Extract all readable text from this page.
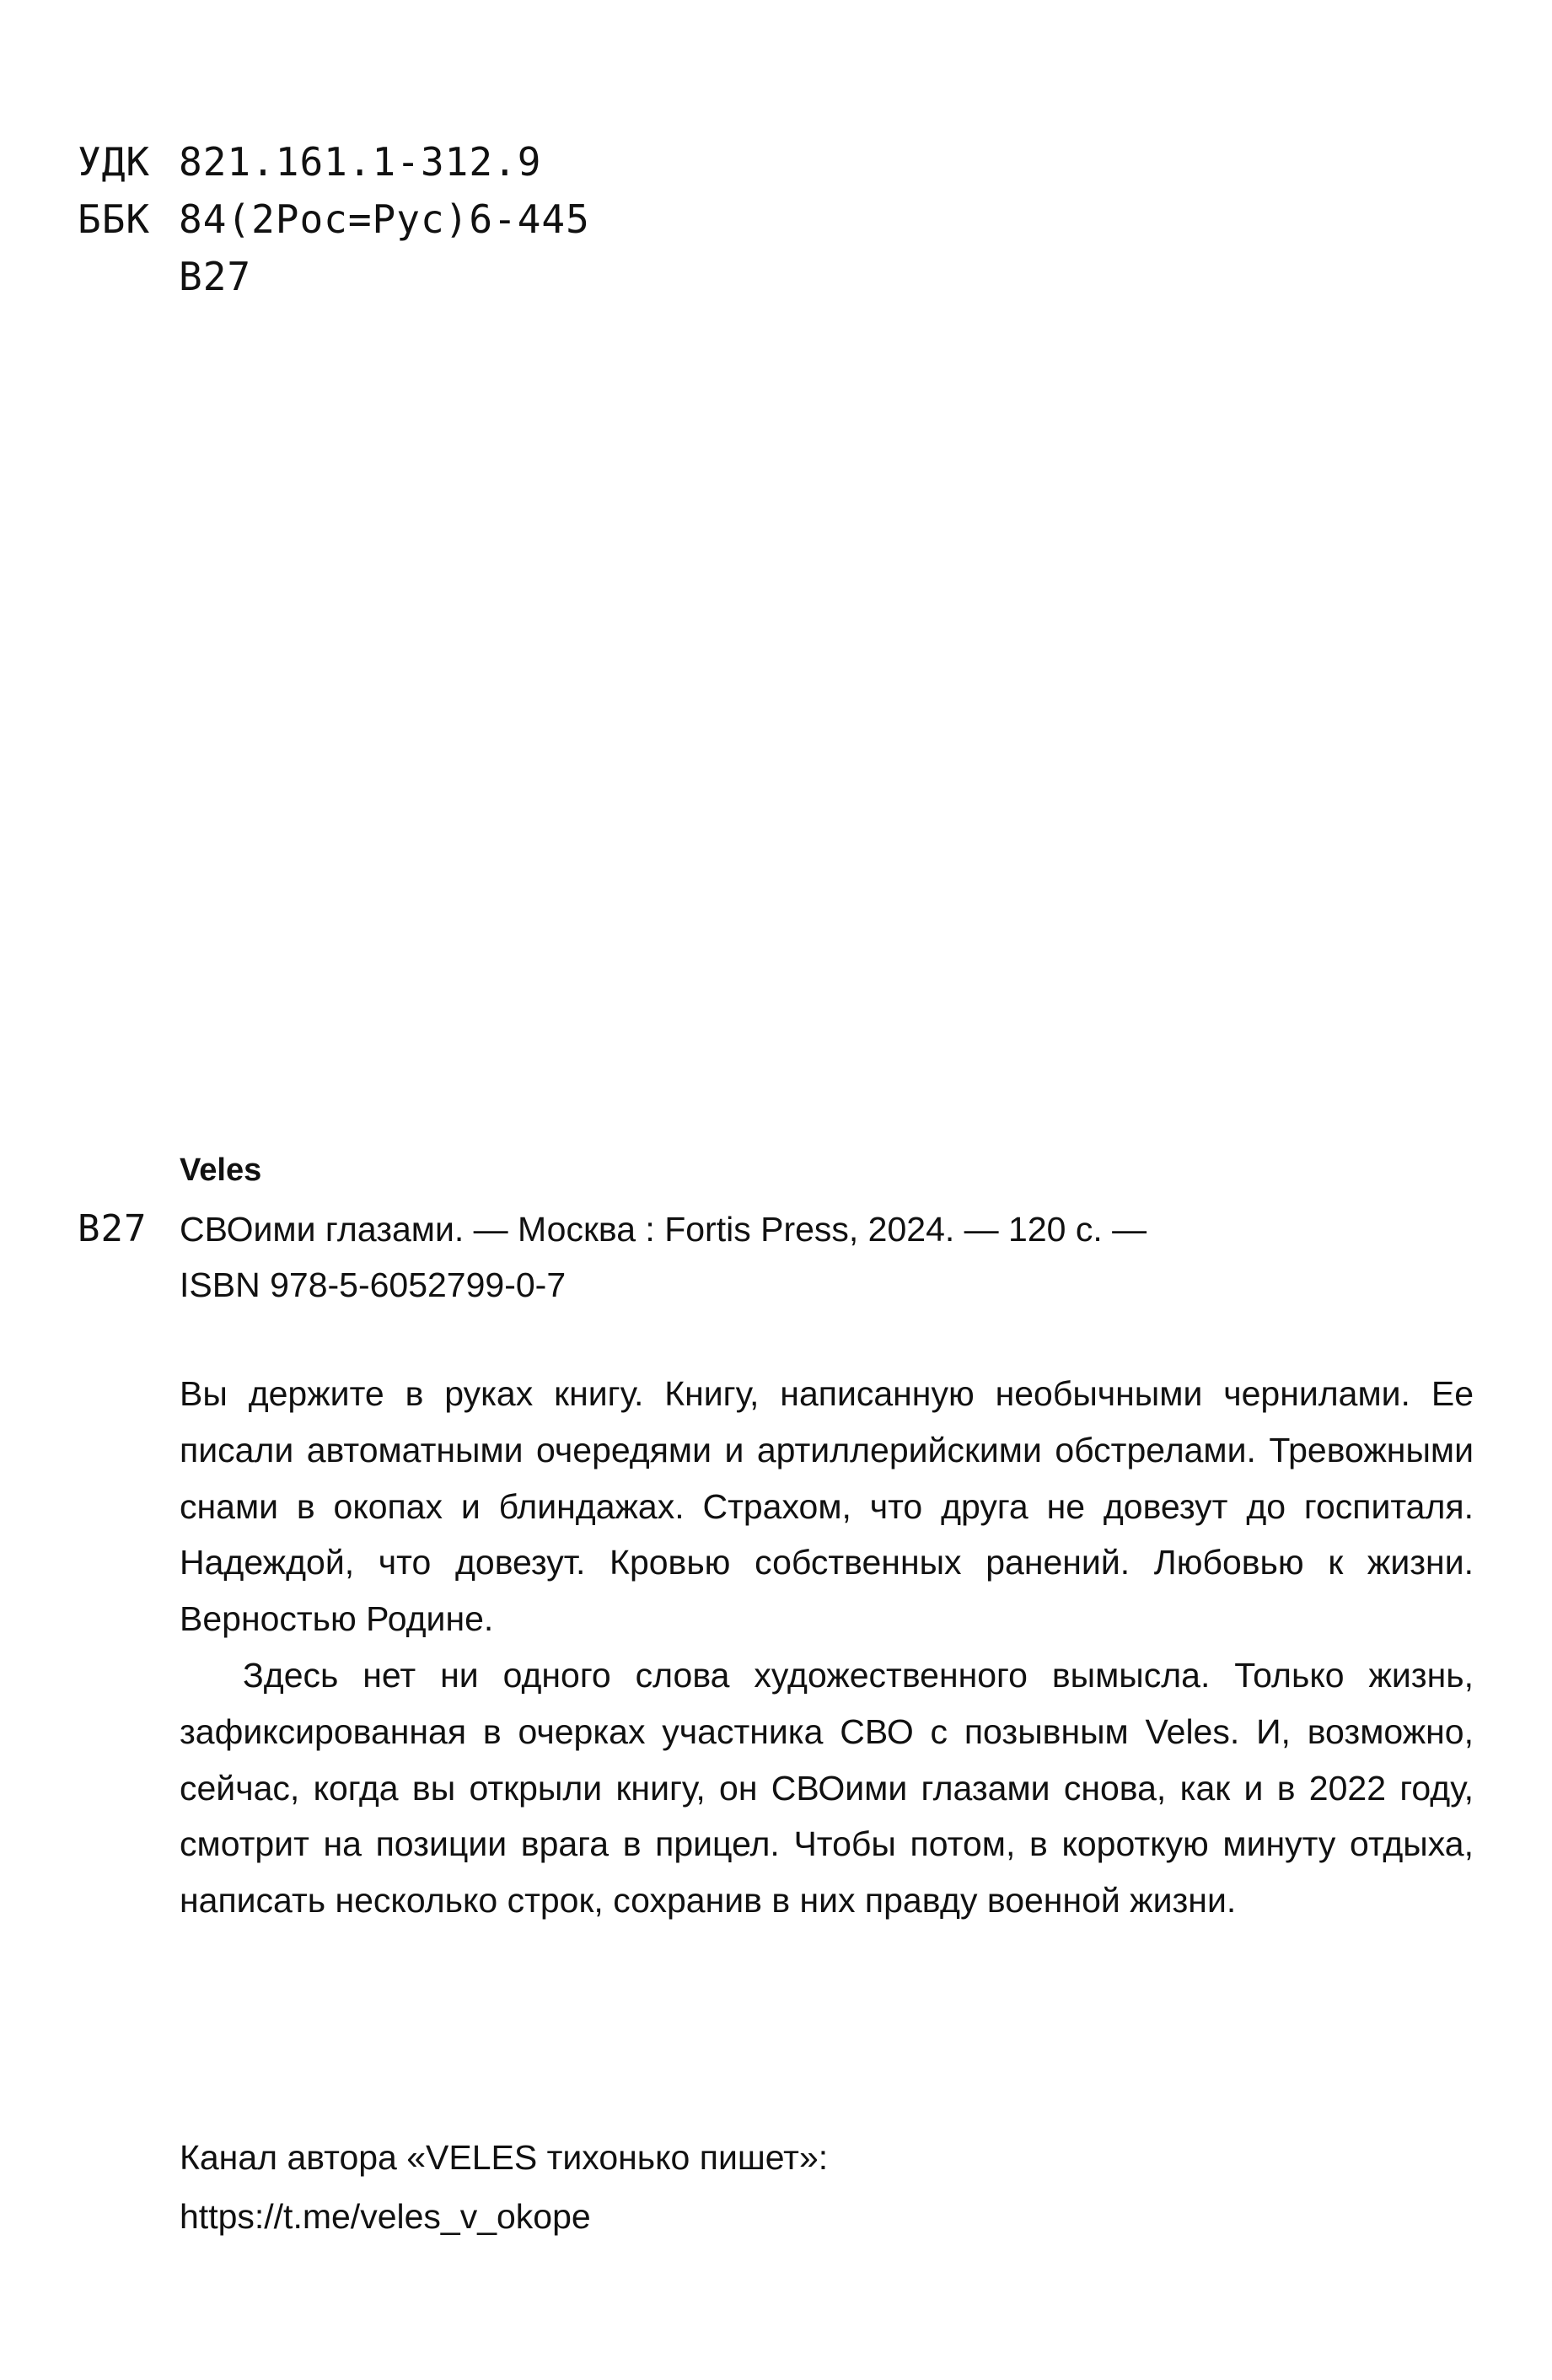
УДК 821.161.1-312.9
ББК 84(2Рос=Рус)6-445
В27
Veles
В27 СВОими глазами. — Москва : Fortis Press, 2024. — 120 с. —
ISBN 978-5-6052799-0-7

Вы держите в руках книгу. Книгу, написанную необычными чернилами. Ее писали автоматными очередями и артиллерийскими обстрелами. Тревожными снами в окопах и блиндажах. Страхом, что друга не довезут до госпиталя. Надеждой, что довезут. Кровью собственных ранений. Любовью к жизни. Верностью Родине.

Здесь нет ни одного слова художественного вымысла. Только жизнь, зафиксированная в очерках участника СВО с позывным Veles. И, возможно, сейчас, когда вы открыли книгу, он СВОими глазами снова, как и в 2022 году, смотрит на позиции врага в прицел. Чтобы потом, в короткую минуту отдыха, написать несколько строк, сохранив в них правду военной жизни.

Канал автора «VELES тихонько пишет»:
https://t.me/veles_v_okope
